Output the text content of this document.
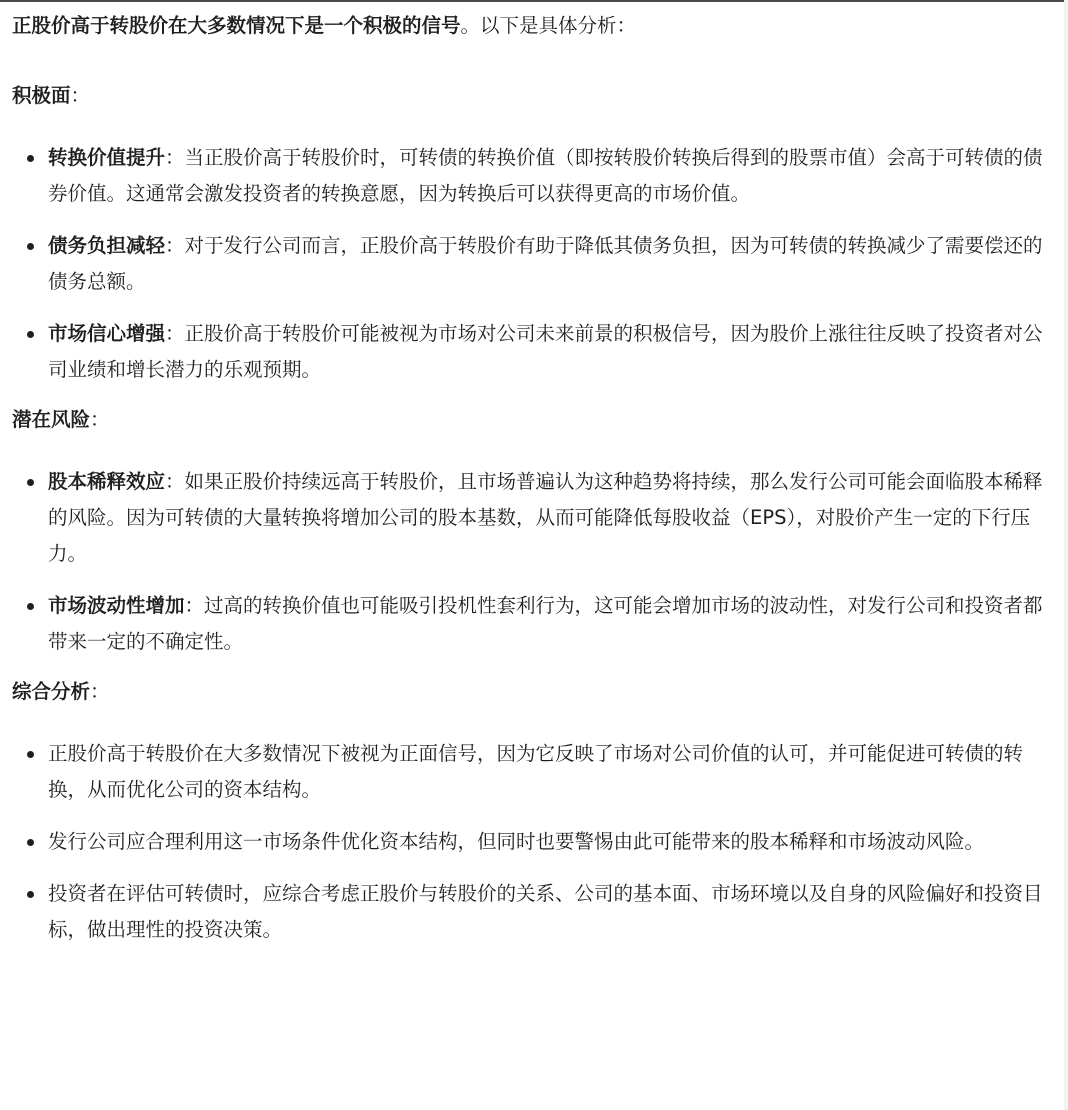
正股价高于转股价在大多数情况下是一个积极的信号。以下是具体分析：

积极面：

转换价值提升：当正股价高于转股价时，可转债的转换价值（即按转股价转换后得到的股票市值）会高于可转债的债券价值。这通常会激发投资者的转换意愿，因为转换后可以获得更高的市场价值。
债务负担减轻：对于发行公司而言，正股价高于转股价有助于降低其债务负担，因为可转债的转换减少了需要偿还的债务总额。
市场信心增强：正股价高于转股价可能被视为市场对公司未来前景的积极信号，因为股价上涨往往反映了投资者对公司业绩和增长潜力的乐观预期。

潜在风险：

股本稀释效应：如果正股价持续远高于转股价，且市场普遍认为这种趋势将持续，那么发行公司可能会面临股本稀释的风险。因为可转债的大量转换将增加公司的股本基数，从而可能降低每股收益（EPS），对股价产生一定的下行压力。
市场波动性增加：过高的转换价值也可能吸引投机性套利行为，这可能会增加市场的波动性，对发行公司和投资者都带来一定的不确定性。

综合分析：

正股价高于转股价在大多数情况下被视为正面信号，因为它反映了市场对公司价值的认可，并可能促进可转债的转换，从而优化公司的资本结构。
发行公司应合理利用这一市场条件优化资本结构，但同时也要警惕由此可能带来的股本稀释和市场波动风险。
投资者在评估可转债时，应综合考虑正股价与转股价的关系、公司的基本面、市场环境以及自身的风险偏好和投资目标，做出理性的投资决策。
